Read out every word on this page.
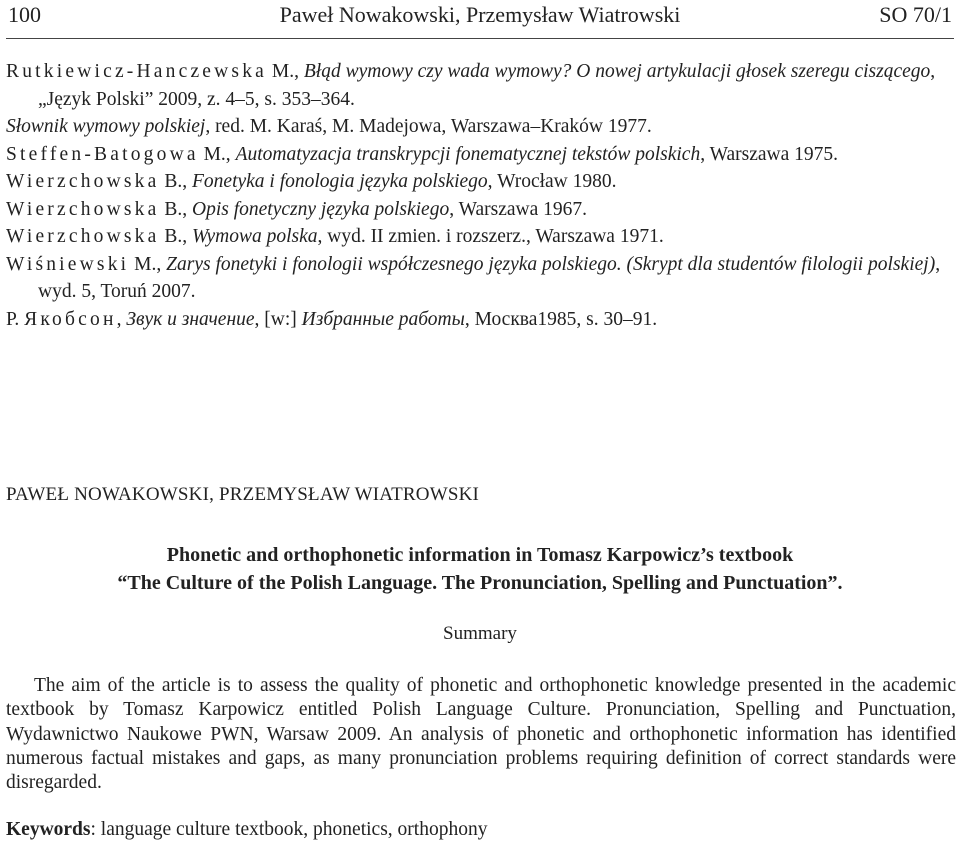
100	Paweł Nowakowski, Przemysław Wiatrowski	SO 70/1
Rutkiewicz-Hanczewska M., Błąd wymowy czy wada wymowy? O nowej artykulacji głosek szeregu ciszącego, „Język Polski” 2009, z. 4–5, s. 353–364.
Słownik wymowy polskiej, red. M. Karaś, M. Madejowa, Warszawa–Kraków 1977.
Steffen-Batogowa M., Automatyzacja transkrypcji fonematycznej tekstów polskich, Warszawa 1975.
Wierzchowska B., Fonetyka i fonologia języka polskiego, Wrocław 1980.
Wierzchowska B., Opis fonetyczny języka polskiego, Warszawa 1967.
Wierzchowska B., Wymowa polska, wyd. II zmien. i rozszerz., Warszawa 1971.
Wiśniewski M., Zarys fonetyki i fonologii współczesnego języka polskiego. (Skrypt dla studentów filologii polskiej), wyd. 5, Toruń 2007.
Р. Якобсон, Звук и значение, [w:] Избранные работы, Москва1985, s. 30–91.
PAWEŁ NOWAKOWSKI, PRZEMYSŁAW WIATROWSKI
Phonetic and orthophonetic information in Tomasz Karpowicz’s textbook
“The Culture of the Polish Language. The Pronunciation, Spelling and Punctuation”.
Summary
The aim of the article is to assess the quality of phonetic and orthophonetic knowledge presented in the academic textbook by Tomasz Karpowicz entitled Polish Language Culture. Pronunciation, Spelling and Punctuation, Wydawnictwo Naukowe PWN, Warsaw 2009. An analysis of phonetic and orthophonetic information has identified numerous factual mistakes and gaps, as many pronunciation problems requiring definition of correct standards were disregarded.
Keywords: language culture textbook, phonetics, orthophony
